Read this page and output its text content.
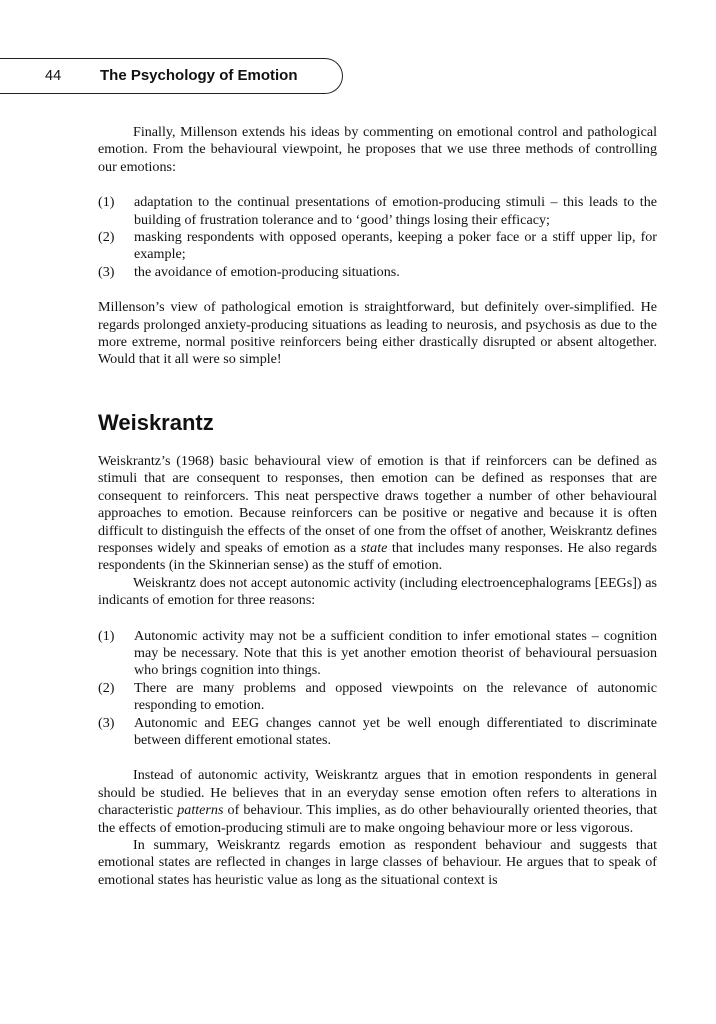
44	The Psychology of Emotion

Finally, Millenson extends his ideas by commenting on emotional control and pathological emotion. From the behavioural viewpoint, he proposes that we use three methods of controlling our emotions:

(1) adaptation to the continual presentations of emotion-producing stimuli – this leads to the building of frustration tolerance and to ‘good’ things losing their efficacy;
(2) masking respondents with opposed operants, keeping a poker face or a stiff upper lip, for example;
(3) the avoidance of emotion-producing situations.

Millenson’s view of pathological emotion is straightforward, but definitely over-simplified. He regards prolonged anxiety-producing situations as leading to neurosis, and psychosis as due to the more extreme, normal positive reinforcers being either drastically disrupted or absent altogether. Would that it all were so simple!

Weiskrantz

Weiskrantz’s (1968) basic behavioural view of emotion is that if reinforcers can be defined as stimuli that are consequent to responses, then emotion can be defined as responses that are consequent to reinforcers. This neat perspective draws together a number of other behavioural approaches to emotion. Because reinforcers can be positive or negative and because it is often difficult to distinguish the effects of the onset of one from the offset of another, Weiskrantz defines responses widely and speaks of emotion as a state that includes many responses. He also regards respondents (in the Skinnerian sense) as the stuff of emotion.

Weiskrantz does not accept autonomic activity (including electroencephalograms [EEGs]) as indicants of emotion for three reasons:

(1) Autonomic activity may not be a sufficient condition to infer emotional states – cognition may be necessary. Note that this is yet another emotion theorist of behavioural persuasion who brings cognition into things.
(2) There are many problems and opposed viewpoints on the relevance of autonomic responding to emotion.
(3) Autonomic and EEG changes cannot yet be well enough differentiated to discriminate between different emotional states.

Instead of autonomic activity, Weiskrantz argues that in emotion respondents in general should be studied. He believes that in an everyday sense emotion often refers to alterations in characteristic patterns of behaviour. This implies, as do other behaviourally oriented theories, that the effects of emotion-producing stimuli are to make ongoing behaviour more or less vigorous.

In summary, Weiskrantz regards emotion as respondent behaviour and suggests that emotional states are reflected in changes in large classes of behaviour. He argues that to speak of emotional states has heuristic value as long as the situational context is
